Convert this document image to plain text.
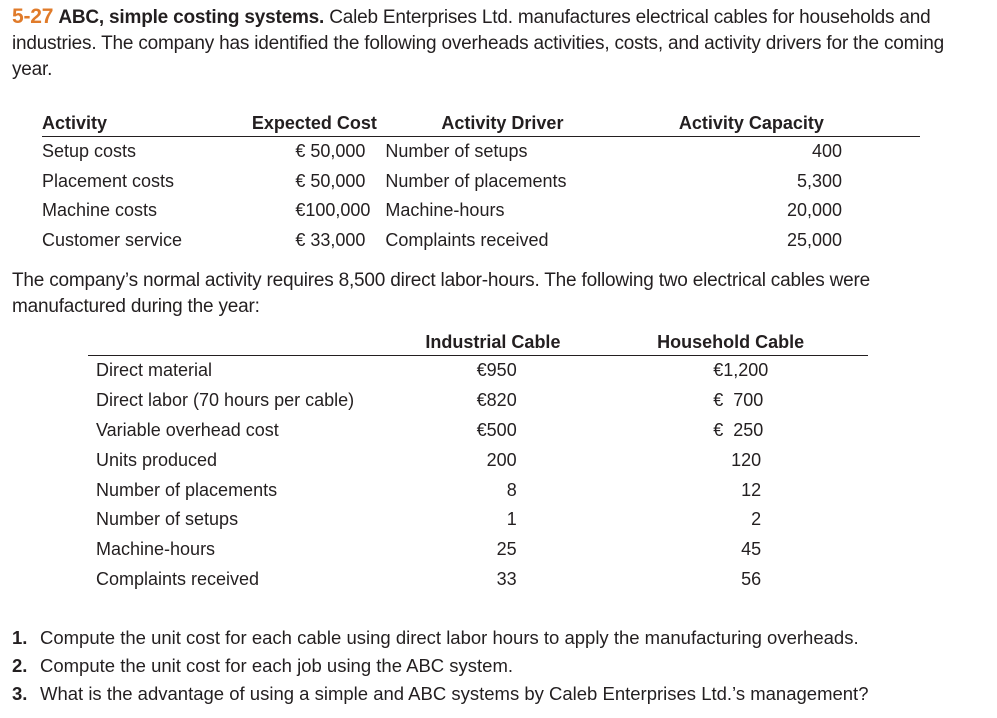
5-27 ABC, simple costing systems. Caleb Enterprises Ltd. manufactures electrical cables for households and industries. The company has identified the following overheads activities, costs, and activity drivers for the coming year.

The company’s normal activity requires 8,500 direct labor-hours. The following two electrical cables were manufactured during the year:

Activity	Expected Cost	Activity Driver	Activity Capacity
Setup costs	€ 50,000	Number of setups	400
Placement costs	€ 50,000	Number of placements	5,300
Machine costs	€100,000	Machine-hours	20,000
Customer service	€ 33,000	Complaints received	25,000
	Industrial Cable	Household Cable
Direct material	€950	€1,200
Direct labor (70 hours per cable)	€820	€  700
Variable overhead cost	€500	€  250
Units produced	200	120
Number of placements	8	12
Number of setups	1	2
Machine-hours	25	45
Complaints received	33	56
1. Compute the unit cost for each cable using direct labor hours to apply the manufacturing overheads.
2. Compute the unit cost for each job using the ABC system.
3. What is the advantage of using a simple and ABC systems by Caleb Enterprises Ltd.’s management?
